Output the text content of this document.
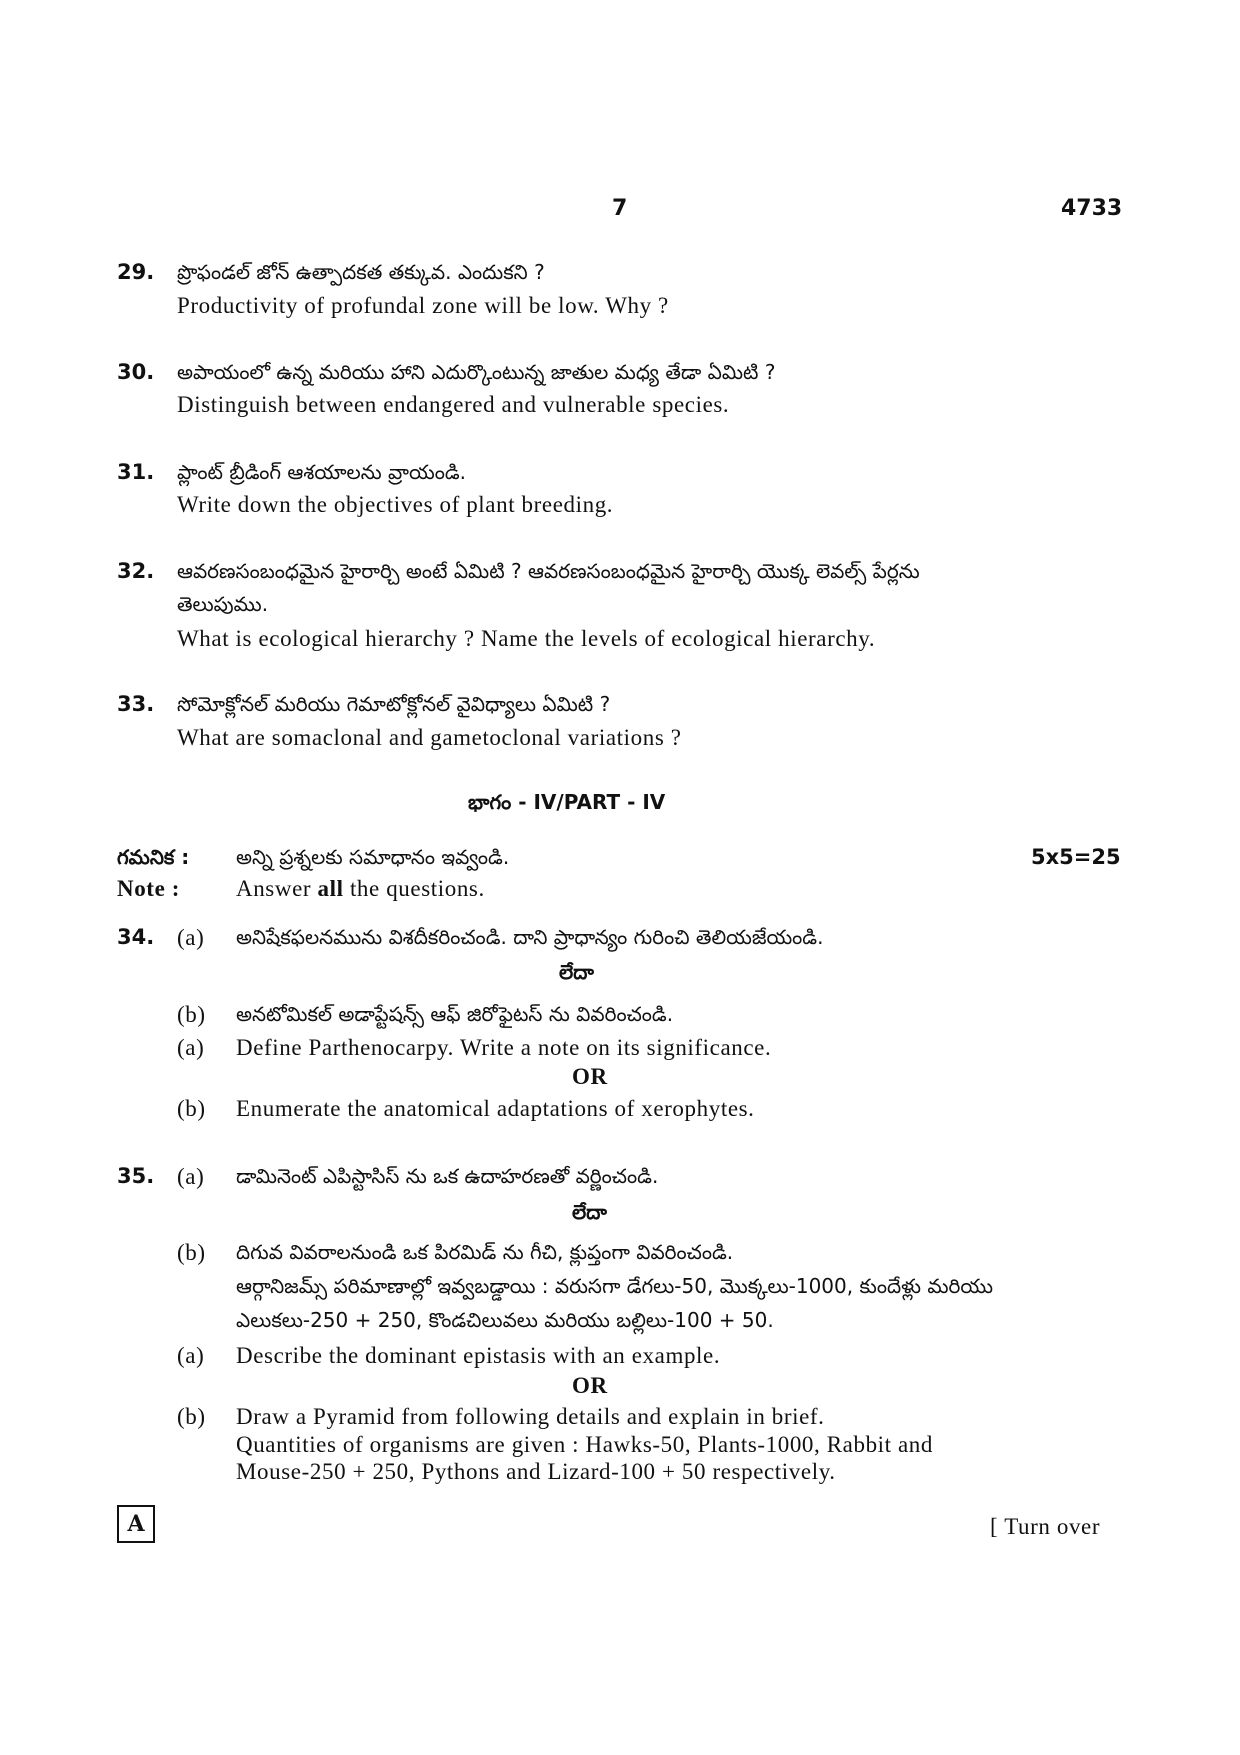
7	4733
29. ప్రొఫండల్ జోన్ ఉత్పాదకత తక్కువ. ఎందుకని ?
Productivity of profundal zone will be low. Why ?
30. అపాయంలో ఉన్న మరియు హాని ఎదుర్కొంటున్న జాతుల మధ్య తేడా ఏమిటి ?
Distinguish between endangered and vulnerable species.
31. ప్లాంట్ బ్రీడింగ్ ఆశయాలను వ్రాయండి.
Write down the objectives of plant breeding.
32. ఆవరణసంబంధమైన హైరార్చి అంటే ఏమిటి ? ఆవరణసంబంధమైన హైరార్చి యొక్క లెవల్స్ పేర్లను
తెలుపుము.
What is ecological hierarchy ? Name the levels of ecological hierarchy.
33. సోమోక్లోనల్ మరియు గెమాటోక్లోనల్ వైవిధ్యాలు ఏమిటి ?
What are somaclonal and gametoclonal variations ?
భాగం - IV/PART - IV
గమనిక : అన్ని ప్రశ్నలకు సమాధానం ఇవ్వండి.	5x5=25
Note : Answer all the questions.
34. (a) అనిషేకఫలనమును విశదీకరించండి. దాని ప్రాధాన్యం గురించి తెలియజేయండి.
లేదా
(b) అనటోమికల్ అడాప్టేషన్స్ ఆఫ్ జిరోఫైటస్ ను వివరించండి.
(a) Define Parthenocarpy. Write a note on its significance.
OR
(b) Enumerate the anatomical adaptations of xerophytes.
35. (a) డామినెంట్ ఎపిస్టాసిస్ ను ఒక ఉదాహరణతో వర్ణించండి.
లేదా
(b) దిగువ వివరాలనుండి ఒక పిరమిడ్ ను గీచి, క్లుప్తంగా వివరించండి.
ఆర్గానిజమ్స్ పరిమాణాల్లో ఇవ్వబడ్డాయి : వరుసగా డేగలు-50, మొక్కలు-1000, కుందేళ్లు మరియు
ఎలుకలు-250 + 250, కొండచిలువలు మరియు బల్లిలు-100 + 50.
(a) Describe the dominant epistasis with an example.
OR
(b) Draw a Pyramid from following details and explain in brief.
Quantities of organisms are given : Hawks-50, Plants-1000, Rabbit and
Mouse-250 + 250, Pythons and Lizard-100 + 50 respectively.
A	[ Turn over
